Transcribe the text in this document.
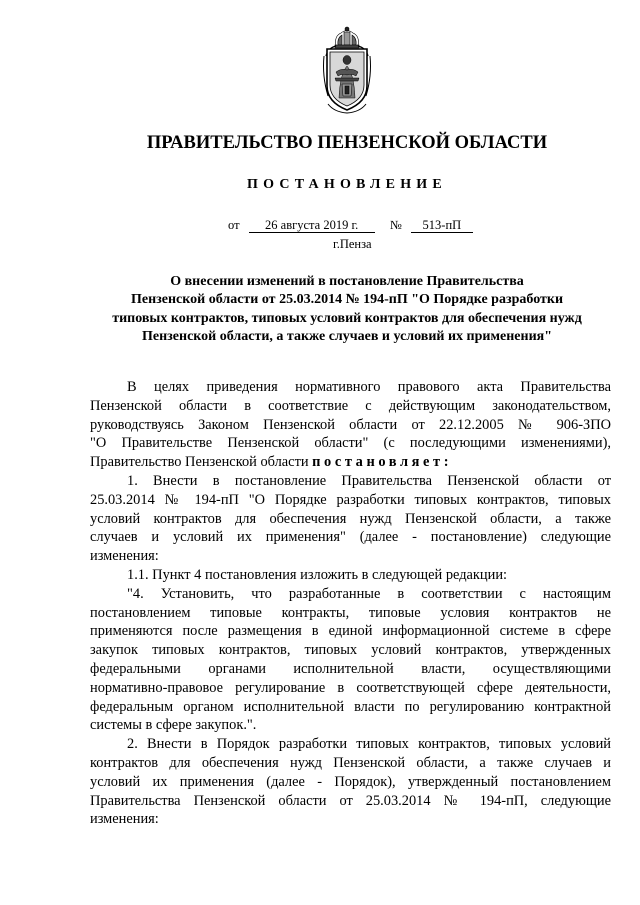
ПРАВИТЕЛЬСТВО ПЕНЗЕНСКОЙ ОБЛАСТИ
ПОСТАНОВЛЕНИЕ
от 26 августа 2019 г.	№ 513-пП
г.Пенза
О внесении изменений в постановление Правительства
Пензенской области от 25.03.2014 № 194-пП "О Порядке разработки
типовых контрактов, типовых условий контрактов для обеспечения нужд
Пензенской области, а также случаев и условий их применения"
В целях приведения нормативного правового акта Правительства
Пензенской области в соответствие с действующим законодательством,
руководствуясь Законом Пензенской области от 22.12.2005 № 906-ЗПО
"О Правительстве Пензенской области" (с последующими изменениями),
Правительство Пензенской области постановляет:
1. Внести в постановление Правительства Пензенской области от
25.03.2014 № 194-пП "О Порядке разработки типовых контрактов, типовых
условий контрактов для обеспечения нужд Пензенской области, а также
случаев и условий их применения" (далее - постановление) следующие
изменения:
1.1. Пункт 4 постановления изложить в следующей редакции:
"4. Установить, что разработанные в соответствии с настоящим
постановлением типовые контракты, типовые условия контрактов не
применяются после размещения в единой информационной системе в сфере
закупок типовых контрактов, типовых условий контрактов, утвержденных
федеральными органами исполнительной власти, осуществляющими
нормативно-правовое регулирование в соответствующей сфере деятельности,
федеральным органом исполнительной власти по регулированию контрактной
системы в сфере закупок.".
2. Внести в Порядок разработки типовых контрактов, типовых условий
контрактов для обеспечения нужд Пензенской области, а также случаев и
условий их применения (далее - Порядок), утвержденный постановлением
Правительства Пензенской области от 25.03.2014 № 194-пП, следующие
изменения:
